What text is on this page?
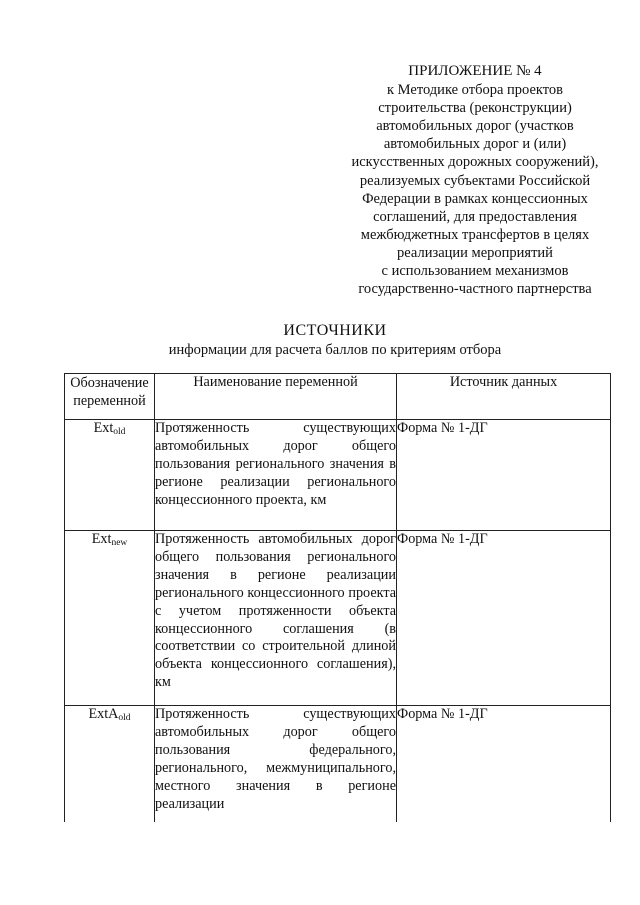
ПРИЛОЖЕНИЕ № 4
к Методике отбора проектов
строительства (реконструкции)
автомобильных дорог (участков
автомобильных дорог и (или)
искусственных дорожных сооружений),
реализуемых субъектами Российской
Федерации в рамках концессионных
соглашений, для предоставления
межбюджетных трансфертов в целях
реализации мероприятий
с использованием механизмов
государственно-частного партнерства
ИСТОЧНИКИ
информации для расчета баллов по критериям отбора
Обозначение переменной	Наименование переменной	Источник данных
Ext$_{old}$	Протяженность существующих автомобильных дорог общего пользования регионального значения в регионе реализации регионального концессионного проекта, км	Форма № 1-ДГ
Ext$_{new}$	Протяженность автомобильных дорог общего пользования регионального значения в регионе реализации регионального концессионного проекта с учетом протяженности объекта концессионного соглашения (в соответствии со строительной длиной объекта концессионного соглашения), км	Форма № 1-ДГ
ExtA$_{old}$	Протяженность существующих автомобильных дорог общего пользования федерального, регионального, межмуниципального, местного значения в регионе реализации	Форма № 1-ДГ
